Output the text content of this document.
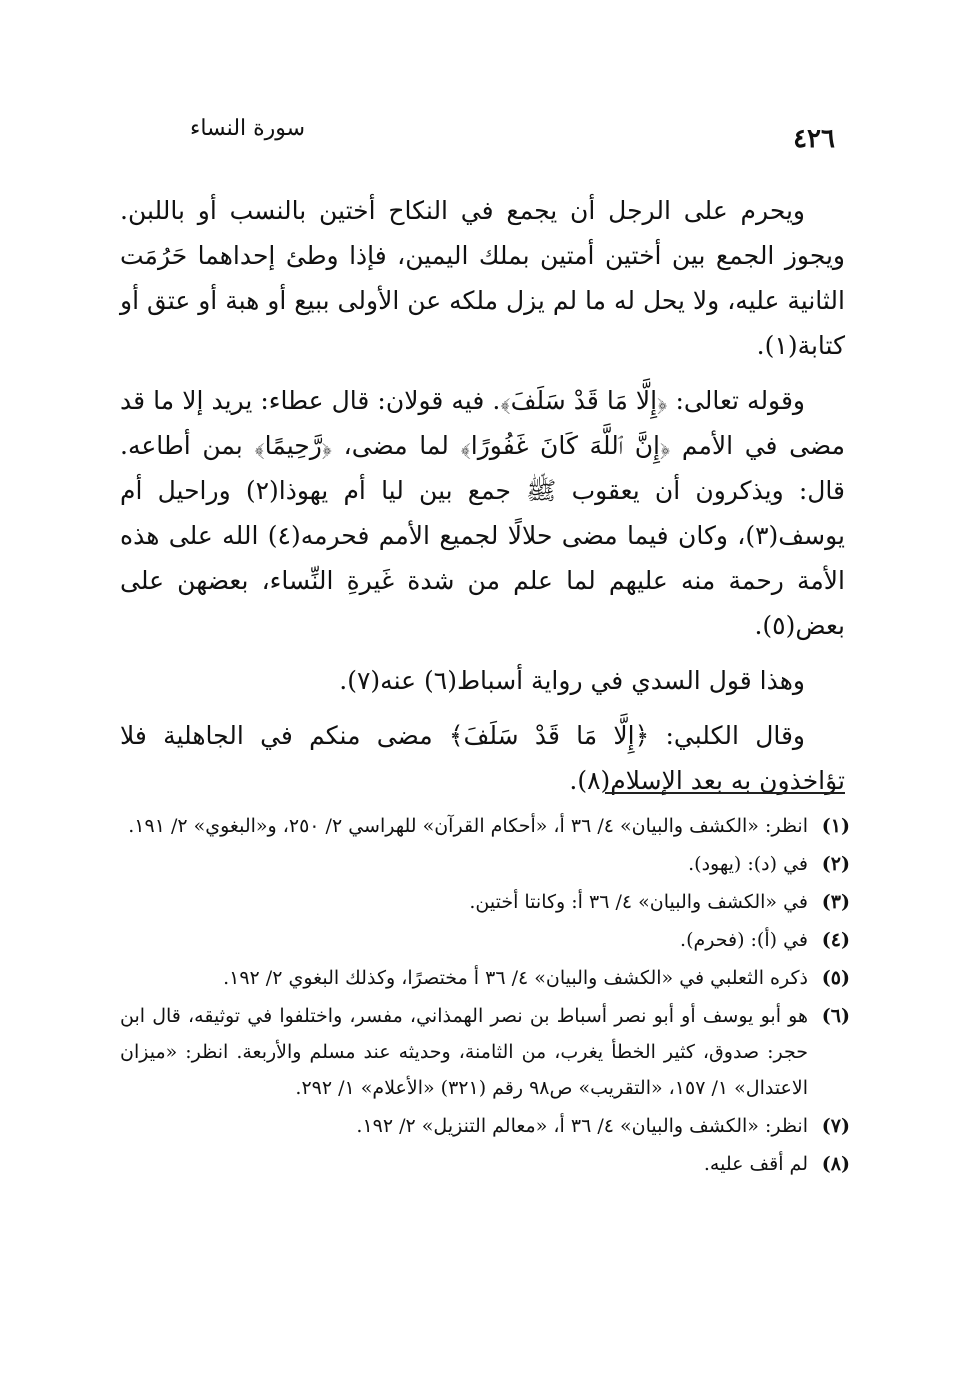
سورة النساء	٤٢٦

ويحرم على الرجل أن يجمع في النكاح أختين بالنسب أو باللبن. ويجوز الجمع بين أختين أمتين بملك اليمين، فإذا وطئ إحداهما حَرُمَت الثانية عليه، ولا يحل له ما لم يزل ملكه عن الأولى ببيع أو هبة أو عتق أو كتابة(١).

وقوله تعالى: ﴿إِلَّا مَا قَدْ سَلَفَ﴾. فيه قولان: قال عطاء: يريد إلا ما قد مضى في الأمم ﴿إِنَّ ٱللَّهَ كَانَ غَفُورًا﴾ لما مضى، ﴿رَّحِيمًا﴾ بمن أطاعه. قال: ويذكرون أن يعقوب ﷺ جمع بين ليا أم يهوذا(٢) وراحيل أم يوسف(٣)، وكان فيما مضى حلالًا لجميع الأمم فحرمه(٤) الله على هذه الأمة رحمة منه عليهم لما علم من شدة غَيرةِ النِّساء، بعضهن على بعض(٥).

وهذا قول السدي في رواية أسباط(٦) عنه(٧).

وقال الكلبي: ﴿إِلَّا مَا قَدْ سَلَفَ﴾ مضى منكم في الجاهلية فلا تؤاخذون به بعد الإسلام(٨).

(١)
انظر: «الكشف والبيان» ٤/ ٣٦ أ، «أحكام القرآن» للهراسي ٢/ ٢٥٠، و«البغوي» ٢/ ١٩١.
(٢)
في (د): (يهود).
(٣)
في «الكشف والبيان» ٤/ ٣٦ أ: وكانتا أختين.
(٤)
في (أ): (فحرم).
(٥)
ذكره الثعلبي في «الكشف والبيان» ٤/ ٣٦ أ مختصرًا، وكذلك البغوي ٢/ ١٩٢.
(٦)
هو أبو يوسف أو أبو نصر أسباط بن نصر الهمذاني، مفسر، واختلفوا في توثيقه، قال ابن حجر: صدوق، كثير الخطأ يغرب، من الثامنة، وحديثه عند مسلم والأربعة. انظر: «ميزان الاعتدال» ١/ ١٥٧، «التقريب» ص٩٨ رقم (٣٢١) «الأعلام» ١/ ٢٩٢.
(٧)
انظر: «الكشف والبيان» ٤/ ٣٦ أ، «معالم التنزيل» ٢/ ١٩٢.
(٨)
لم أقف عليه.
